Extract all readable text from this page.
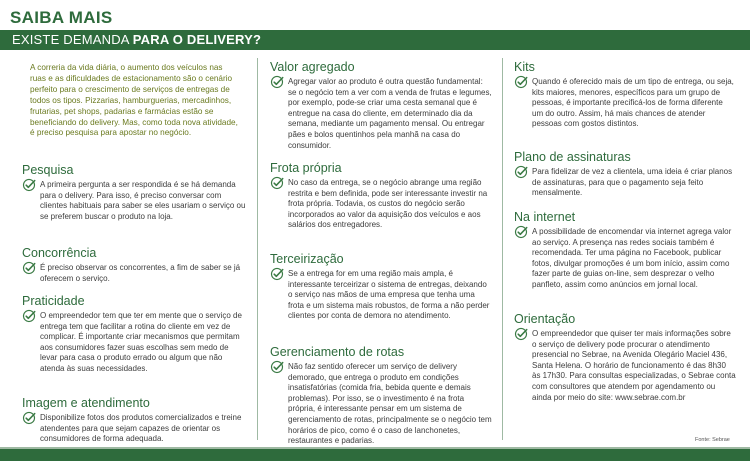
SAIBA MAIS
EXISTE DEMANDA PARA O DELIVERY?
A correria da vida diária, o aumento dos veículos nas ruas e as dificuldades de estacionamento são o cenário perfeito para o crescimento de serviços de entregas de todos os tipos. Pizzarias, hamburguerias, mercadinhos, frutarias, pet shops, padarias e farmácias estão se beneficiando do delivery. Mas, como toda nova atividade, é preciso pesquisa para apostar no negócio.
Pesquisa

A primeira pergunta a ser respondida é se há demanda para o delivery. Para isso, é preciso conversar com clientes habituais para saber se eles usariam o serviço ou se preferem buscar o produto na loja.

Concorrência

É preciso observar os concorrentes, a fim de saber se já oferecem o serviço.

Praticidade

O empreendedor tem que ter em mente que o serviço de entrega tem que facilitar a rotina do cliente em vez de complicar. É importante criar mecanismos que permitam aos consumidores fazer suas escolhas sem medo de levar para casa o produto errado ou algum que não atenda às suas necessidades.

Imagem e atendimento

Disponibilize fotos dos produtos comercializados e treine atendentes para que sejam capazes de orientar os consumidores de forma adequada.

Valor agregado

Agregar valor ao produto é outra questão fundamental: se o negócio tem a ver com a venda de frutas e legumes, por exemplo, pode-se criar uma cesta semanal que é entregue na casa do cliente, em determinado dia da semana, mediante um pagamento mensal. Ou entregar pães e bolos quentinhos pela manhã na casa do consumidor.

Frota própria

No caso da entrega, se o negócio abrange uma região restrita e bem definida, pode ser interessante investir na frota própria. Todavia, os custos do negócio serão incorporados ao valor da aquisição dos veículos e aos salários dos entregadores.

Terceirização

Se a entrega for em uma região mais ampla, é interessante terceirizar o sistema de entregas, deixando o serviço nas mãos de uma empresa que tenha uma frota e um sistema mais robustos, de forma a não perder clientes por conta de demora no atendimento.

Gerenciamento de rotas

Não faz sentido oferecer um serviço de delivery demorado, que entrega o produto em condições insatisfatórias (comida fria, bebida quente e demais problemas). Por isso, se o investimento é na frota própria, é interessante pensar em um sistema de gerenciamento de rotas, principalmente se o negócio tem horários de pico, como é o caso de lanchonetes, restaurantes e padarias.

Kits

Quando é oferecido mais de um tipo de entrega, ou seja, kits maiores, menores, específicos para um grupo de pessoas, é importante precificá-los de forma diferente um do outro. Assim, há mais chances de atender pessoas com gostos distintos.

Plano de assinaturas

Para fidelizar de vez a clientela, uma ideia é criar planos de assinaturas, para que o pagamento seja feito mensalmente.

Na internet

A possibilidade de encomendar via internet agrega valor ao serviço. A presença nas redes sociais também é recomendada. Ter uma página no Facebook, publicar fotos, divulgar promoções é um bom início, assim como fazer parte de guias on-line, sem desprezar o velho panfleto, assim como anúncios em jornal local.

Orientação

O empreendedor que quiser ter mais informações sobre o serviço de delivery pode procurar o atendimento presencial no Sebrae, na Avenida Olegário Maciel 436, Santa Helena. O horário de funcionamento é das 8h30 às 17h30. Para consultas especializadas, o Sebrae conta com consultores que atendem por agendamento ou ainda por meio do site: www.sebrae.com.br

Fonte: Sebrae
